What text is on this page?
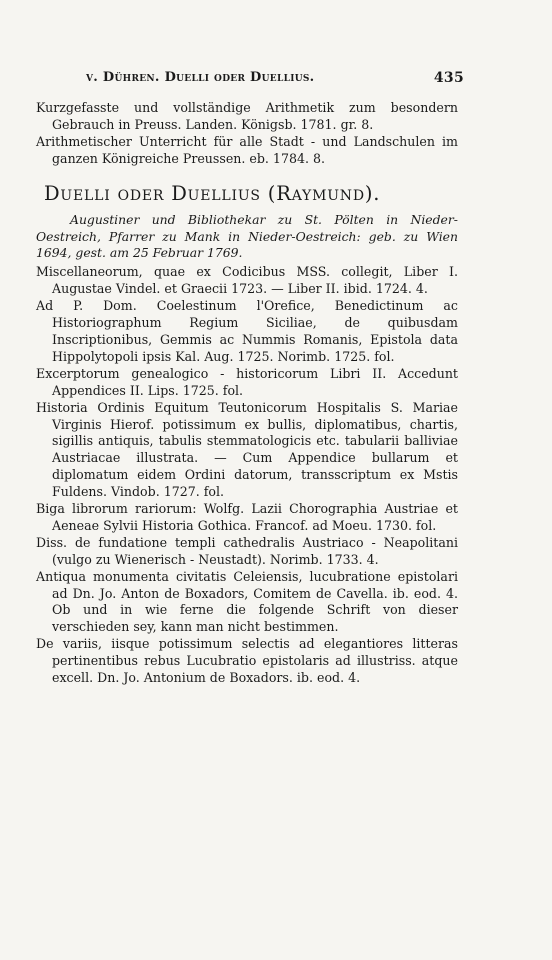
v. Dühren. Duelli oder Duellius.	435

Kurzgefasste und vollständige Arithmetik zum besondern Gebrauch in Preuss. Landen. Königsb. 1781. gr. 8.

Arithmetischer Unterricht für alle Stadt - und Landschulen im ganzen Königreiche Preussen. eb. 1784. 8.

Duelli oder Duellius (Raymund).

Augustiner und Bibliothekar zu St. Pölten in Nieder-Oestreich, Pfarrer zu Mank in Nieder-Oestreich: geb. zu Wien 1694, gest. am 25 Februar 1769.

Miscellaneorum, quae ex Codicibus MSS. collegit, Liber I. Augustae Vindel. et Graecii 1723. — Liber II. ibid. 1724. 4.

Ad P. Dom. Coelestinum l'Orefice, Benedictinum ac Historiographum Regium Siciliae, de quibusdam Inscriptionibus, Gemmis ac Nummis Romanis, Epistola data Hippolytopoli ipsis Kal. Aug. 1725. Norimb. 1725. fol.

Excerptorum genealogico - historicorum Libri II. Accedunt Appendices II. Lips. 1725. fol.

Historia Ordinis Equitum Teutonicorum Hospitalis S. Mariae Virginis Hierof. potissimum ex bullis, diplomatibus, chartis, sigillis antiquis, tabulis stemmatologicis etc. tabularii balliviae Austriacae illustrata. — Cum Appendice bullarum et diplomatum eidem Ordini datorum, transscriptum ex Mstis Fuldens. Vindob. 1727. fol.

Biga librorum rariorum: Wolfg. Lazii Chorographia Austriae et Aeneae Sylvii Historia Gothica. Francof. ad Moeu. 1730. fol.

Diss. de fundatione templi cathedralis Austriaco - Neapolitani (vulgo zu Wienerisch - Neustadt). Norimb. 1733. 4.

Antiqua monumenta civitatis Celeiensis, lucubratione epistolari ad Dn. Jo. Anton de Boxadors, Comitem de Cavella. ib. eod. 4. Ob und in wie ferne die folgende Schrift von dieser verschieden sey, kann man nicht bestimmen.

De variis, iisque potissimum selectis ad elegantiores litteras pertinentibus rebus Lucubratio epistolaris ad illustriss. atque excell. Dn. Jo. Antonium de Boxadors. ib. eod. 4.
